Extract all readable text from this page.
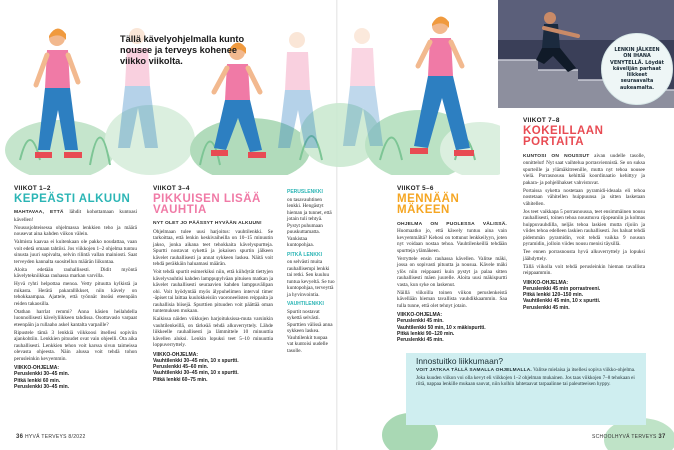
Tällä kävelyohjelmalla kunto nousee ja terveys kohenee viikko viikolta.
LENKIN JÄLKEEN ON IHANA VENYTELLÄ. Löydät kävelijän parhaat liikkeet seuraavalta aukeamalta.
VIIKOT 1–2
KEPEÄSTI ALKUUN

MAHTAVAA, ETTÄ lähdit kohottamaan kuntoasi kävellen!

Noususjohteisessa ohjelmassa lenkkien teho ja määrä nousevat aina kahden viikon välein.

Valmista kaavaa ei kuitenkaan ole pakko noudattaa, vaan voit edetä omaan tahtiisi. Jos viikkojen 1–2 ohjelma tuntuu sinusta juuri sopivalta, selvin rilintä vallan mainiosti. Saat terveyden kannalta suositellun määrän liikuntaa.

Aloita edetään rauhallisesti. Didit myöntä kävelytekniikkaa rauhassa markan varvilla.

Hyvä ryhti helpottaa menoa. Vetty pituutta kylkistä ja mikasta. Herätä pakarallikkset, niin kävely on tehokkaampaa. Ajattele, että työnnät itseäsi eteenpäin reiden takaosilla.

Otathan harrlat remmi? Anna käsien heilahdella luonnollisesti kävelyliikkeen tahdissa. Osottavaslo varpaat eteenpäin ja rullaaho askel kantalta varpaille?

Ripustele tämä 3 lenkkiä viikkoosi itsellesi sopiviin ajankohtiin. Lenkkien pituudet ovat vain ohjeelli. Ota aika rauhallisesti. Lenkkien tehon voit karssa sivun taimeissa olevasta ohjeesta. Näin alussa voit tehdä tohon perusleinkin kevyemmin.

VIIKKO-OHJELMA:
Peruslenkki 30–45 min.
Pitkä lenkki 60 min.
Peruslenkki 30–45 min.
VIIKOT 3–4
PIKKUISEN LISÄÄ VAUHTIA

NYT OLET JO PÄÄSSYT HYVÄÄN ALKUUN!

Ohjelmaan tulee uusi harjoitus: vauhtilenkki. Se tarkoittaa, että lenkin keskivaiheilla on 10–15 minuutin jakso, jonka aikana teet tehokkaita kävelyspurtteja. Spurtti nostavat sykettä ja jokaisen spurtin jälkeen kävelet rauhallisesti ja annat sykkeen laskea. Näitä voit tehdä peräkkäin haluamasi määrän.

Voit tehdä spurtit esimerkiksi niin, että kiihdytät tiettyjen kävelyvauhtisi kahden lamppupylväan pituisen matkan ja kävelet rauhallisesti seuraavien kahden lamppuvälipan ohi. Voit hyödyntää myös älypuhelimen interval timer -äpiset tai laittaa kuulokkeisiin vaoroneelisten reippaita ja rauhallisia biisejä. Spurttien pituuden voit päättää oman tuntemuksen mukaan.

Kaikissa näiden viikkojen harjoituksissa-muta varsinkin vauhtilenkeillä, on tärkeää tehdä alkuverryttely. Lähde liikkeelle rauhallisesti ja lämmittele 10 minuuttia kävellen aluksi. Lenkin lopuksi teet 5–10 minuuttia loppuverryttely.

VIIKKO-OHJELMA:
Vauhtilenkki 30–45 min, 10 x spurtti.
Peruslenkki 45–60 min.
Vauhtilenkki 30–45 min, 10 x spurtti.
Pitkä lenkki 60–75 min.
PERUSLENKKI

on tasavauhtinen lenkki. Hengästyt hieman ja tunnet, että jotain tuli tehtyä. Pystyt puhumaan puuskuttamatta. Vankistaa kuntopohjaa.

PITKÄ LENKKI

on selvästi muita rauhallisempi lenkki tai retki. Sen kuuluu tuntua kevyeltä. Se tuo kuntopohjaa, terveyttä ja hyvinvointia.

VAUHTILENKKI

Spurtit nostavat sykettä selvästi. Spurttien välissä anna sykkeen laskea. Vauhtilenkit tuopaa vat kuntoisi uudelle tasolle.

VIIKOT 5–6
MENNÄÄN MÄKEEN

OHJELMA ON PUOLESSA VÄLISSÄ. Huomaatko jo, että käwely tuntuu aina vain kevyemmältä? Kehosi on tottunut lenkkeilyyn, joten nyt voidaan nostaa tehoa. Vauhtilenkeillä tehdään spurtteja ylämäkeen.

Verryttele ensin rauhassa kävellen. Valitse mäki, jossa on sopivasti pituutta ja nousua. Kävele mäki ylös niin reippaasti kuin pystyt ja palaa sitten rauhallisesti mäen juurelle. Aloita uusi mäkispurtti vasta, kun syke on laskenut.

Näillä viikoilla toinen viikon peruslenkeistä kävellään hieman tavallista vauhdikkaammin. Saa tulla tunne, että olet tehnyt jotain.

VIIKKO-OHJELMA:
Peruslenkki 45 min.
Vauhtilenkki 50 min, 10 x mäkispurtti.
Pitkä lenkki 90–120 min.
Peruslenkki 45 min.
VIIKOT 7–8
KOKEILLAAN PORTAITA

KUNTOSI ON NOUSSUT aivan uudelle tasolle, onnittelut! Nyt saat vaihtelua porrasviennistä. Se on suksa spurteille ja ylämäkitreenille, mutta nyt tehoa nousee vielä. Porrasnousu kehittää koordinaatio kehittyy ja pakara- ja pohjelihakset vahvistuvat.

Portaissa syketta nostetaan pyramidi-ideaala eli tehoa nostetaan vähitellen huippuunsa ja sitten lasketaan vähitellen.

Jos teet vaikkapa 5 porrasnousua, teet ensimmäinen nousu rauhallisesti, toinen tehoa nousmuva rijopeaniin ja kolmas huippuvauhdilla, neljäs tehoa laskien mutta rijoiin ja viides tehoa edelleen laskien rauhallisesti. Jos haluat tehdä pidemmän pyramidin, voit tehdä vaikka 9 nousun pyramidin, jolloin viides nousu menisi täysillä.

Tee ennen porrasnousta hyvä alkuverryttely ja lopuksi jäähdyttely.

Tällä viikolla voit tehdä perusleinkin hieman tavallista reippaammin.

VIIKKO-OHJELMA:
Peruslenkki 45 min porrastreeni.
Pitkä lenkki 120–150 min.
Vauhtilenkki 45 min, 10 x spurtti.
Peruslenkki 45 min.
Innostuitko liikkumaan?

VOIT JATKAA TÄLLÄ SAMALLA OHJELMALLA. Valitse mielaisa ja itsellesi sopiva viikko-ohjelma. Joka kuuden viikon voi olla kevyt eli viikkojen 1–2 ohjelman mukainen. Jos taas viikkojen 7–8 tehokaan ei riitä, nappaa lenkille mukaan sauvat, niin kolhin lahtetaavat tarpaalinne tai paleutteeisen hyppy.

36 HYVÄ TERVEYS 8/2022	SCHOOLHYVÄ TERVEYS 37
